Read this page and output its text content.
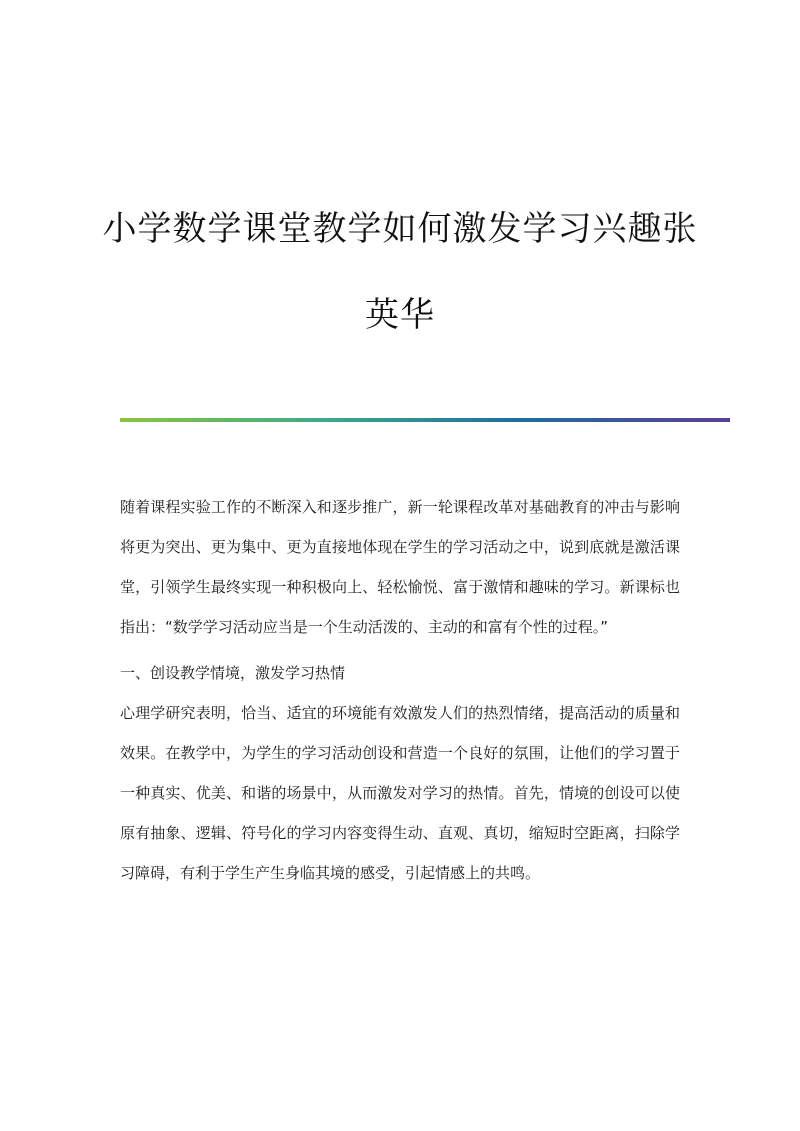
小学数学课堂教学如何激发学习兴趣张
英华

随着课程实验工作的不断深入和逐步推广，新一轮课程改革对基础教育的冲击与影响将更为突出、更为集中、更为直接地体现在学生的学习活动之中，说到底就是激活课堂，引领学生最终实现一种积极向上、轻松愉悦、富于激情和趣味的学习。新课标也指出：“数学学习活动应当是一个生动活泼的、主动的和富有个性的过程。”

一、创设教学情境，激发学习热情

心理学研究表明，恰当、适宜的环境能有效激发人们的热烈情绪，提高活动的质量和效果。在教学中，为学生的学习活动创设和营造一个良好的氛围，让他们的学习置于一种真实、优美、和谐的场景中，从而激发对学习的热情。首先，情境的创设可以使原有抽象、逻辑、符号化的学习内容变得生动、直观、真切，缩短时空距离，扫除学习障碍，有利于学生产生身临其境的感受，引起情感上的共鸣。
